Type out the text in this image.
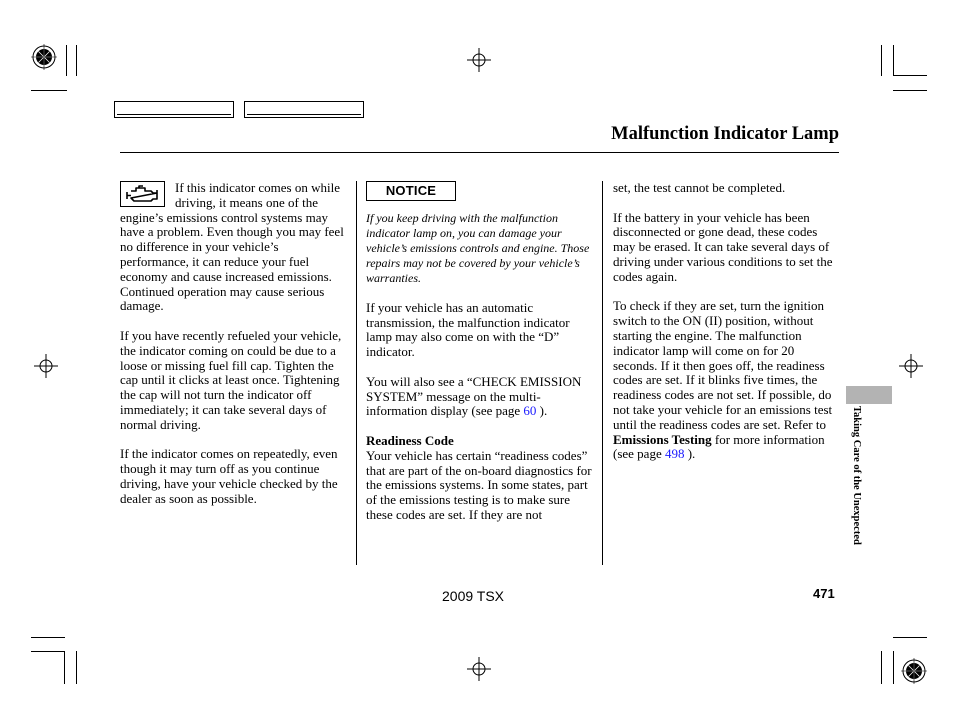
Malfunction Indicator Lamp

If this indicator comes on while driving, it means one of the engine’s emissions control systems may have a problem. Even though you may feel no difference in your vehicle’s performance, it can reduce your fuel economy and cause increased emissions. Continued operation may cause serious damage.

If you have recently refueled your vehicle, the indicator coming on could be due to a loose or missing fuel fill cap. Tighten the cap until it clicks at least once. Tightening the cap will not turn the indicator off immediately; it can take several days of normal driving.

If the indicator comes on repeatedly, even though it may turn off as you continue driving, have your vehicle checked by the dealer as soon as possible.

NOTICE

If you keep driving with the malfunction indicator lamp on, you can damage your vehicle’s emissions controls and engine. Those repairs may not be covered by your vehicle’s warranties.

If your vehicle has an automatic transmission, the malfunction indicator lamp may also come on with the “D” indicator.

You will also see a “CHECK EMISSION SYSTEM” message on the multi-information display (see page 60 ).

Readiness Code
Your vehicle has certain “readiness codes” that are part of the on-board diagnostics for the emissions systems. In some states, part of the emissions testing is to make sure these codes are set. If they are not

set, the test cannot be completed.

If the battery in your vehicle has been disconnected or gone dead, these codes may be erased. It can take several days of driving under various conditions to set the codes again.

To check if they are set, turn the ignition switch to the ON (II) position, without starting the engine. The malfunction indicator lamp will come on for 20 seconds. If it then goes off, the readiness codes are set. If it blinks five times, the readiness codes are not set. If possible, do not take your vehicle for an emissions test until the readiness codes are set. Refer to Emissions Testing for more information (see page 498 ).	Taking Care of the Unexpected
2009 TSX	471
